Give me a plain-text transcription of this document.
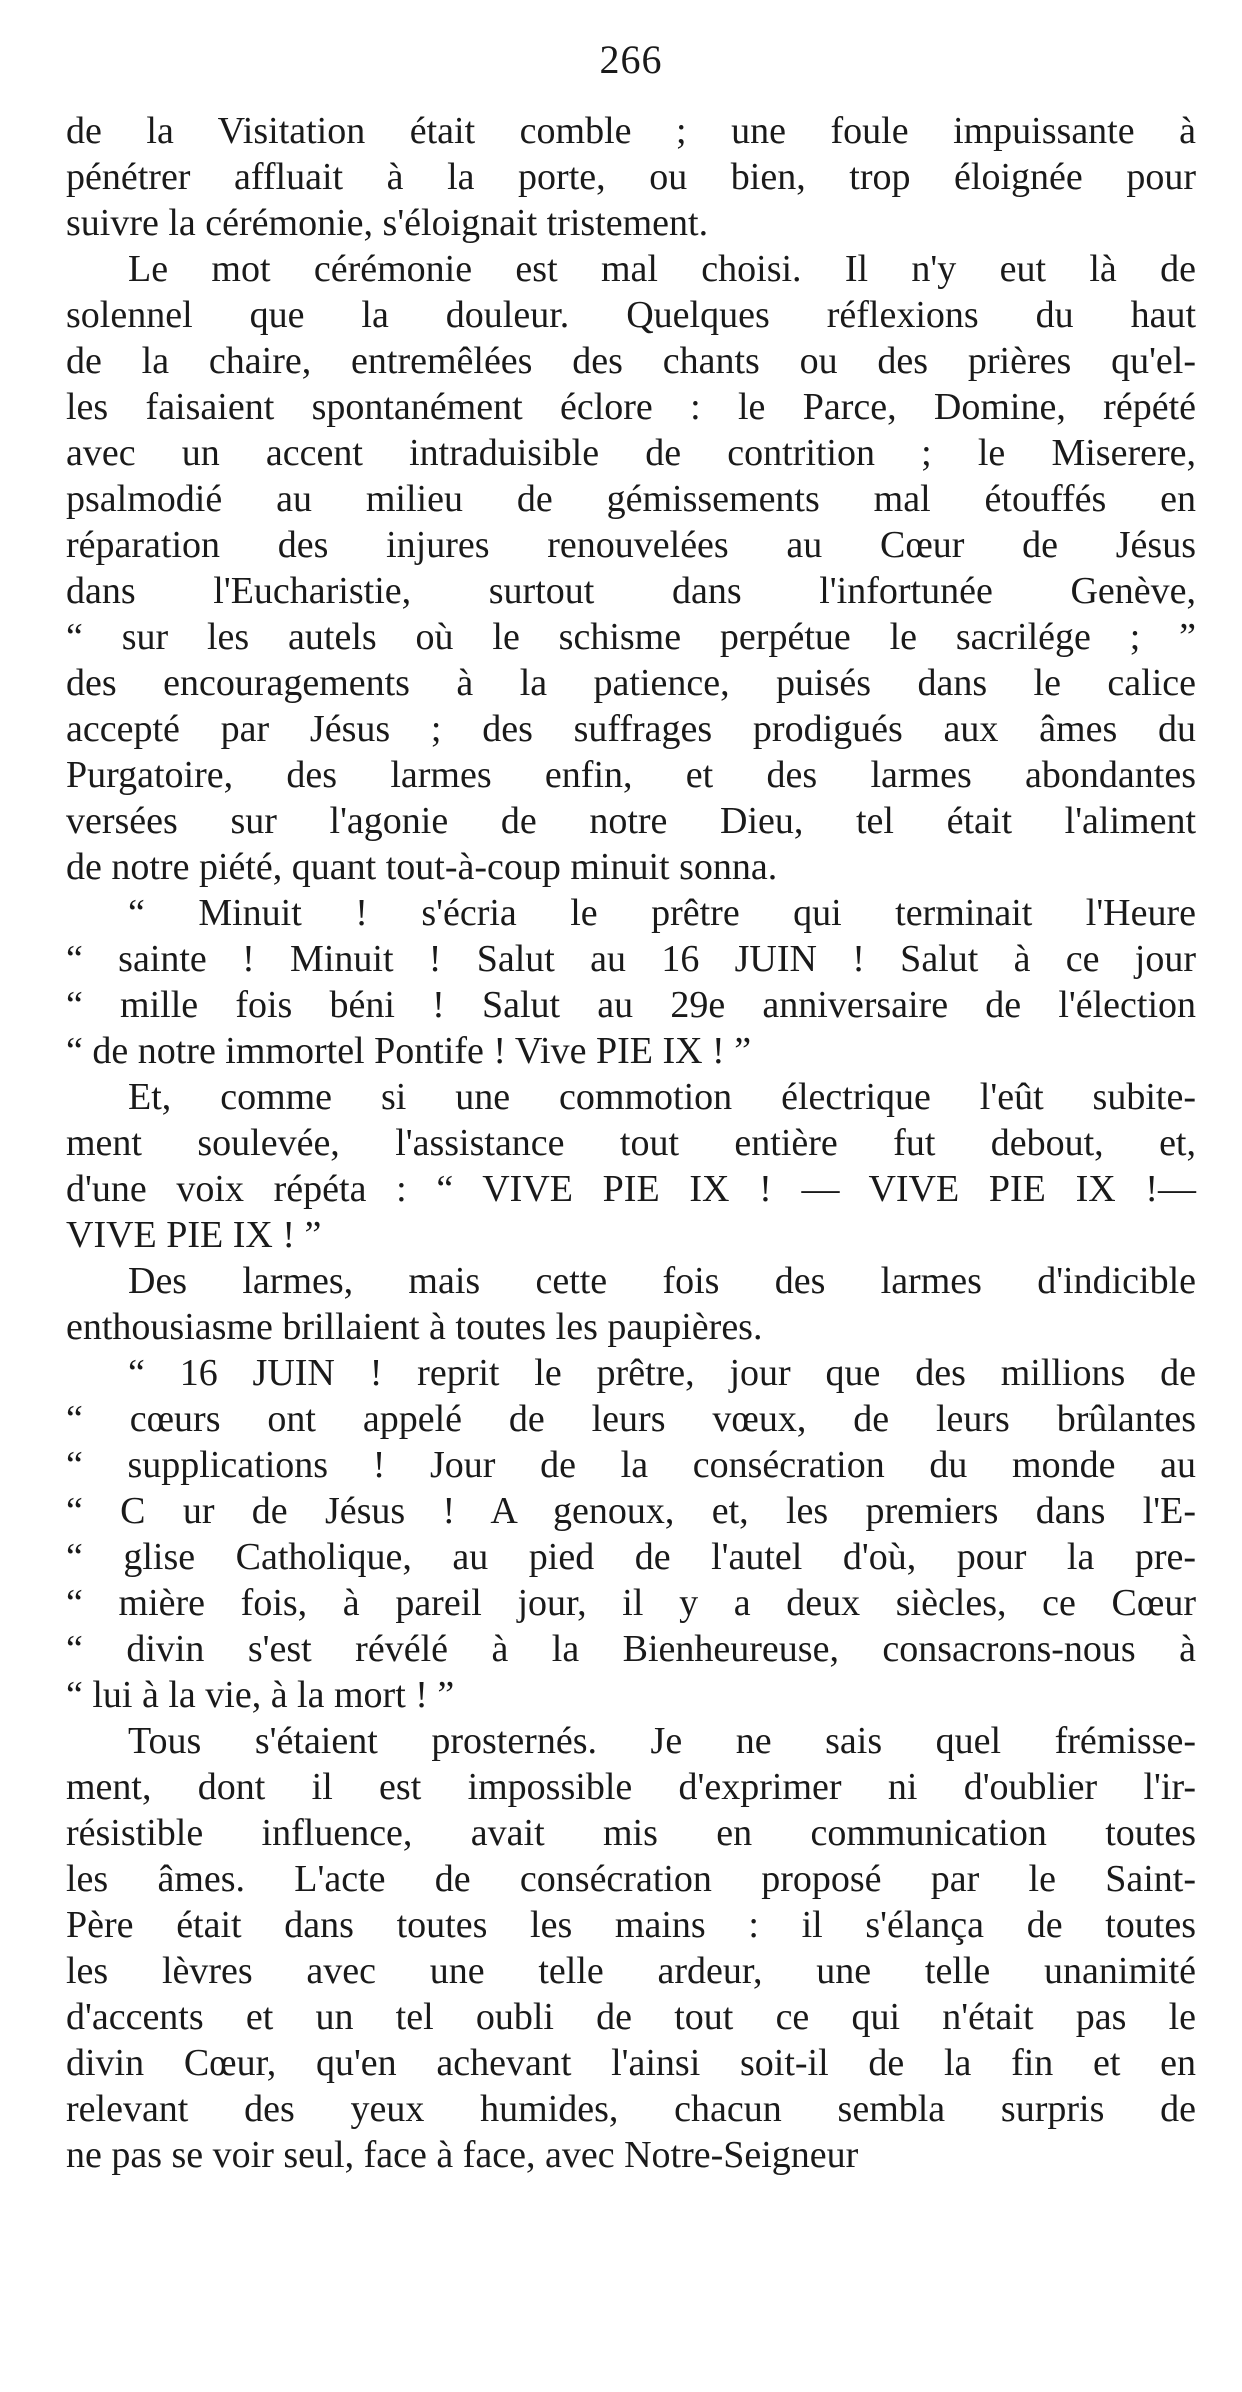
266
de la Visitation était comble ; une foule impuissante à
pénétrer affluait à la porte, ou bien, trop éloignée pour
suivre la cérémonie, s'éloignait tristement.
Le mot cérémonie est mal choisi. Il n'y eut là de
solennel que la douleur. Quelques réflexions du haut
de la chaire, entremêlées des chants ou des prières qu'el-
les faisaient spontanément éclore : le Parce, Domine, répété
avec un accent intraduisible de contrition ; le Miserere,
psalmodié au milieu de gémissements mal étouffés en
réparation des injures renouvelées au Cœur de Jésus
dans l'Eucharistie, surtout dans l'infortunée Genève,
“ sur les autels où le schisme perpétue le sacrilége ; ”
des encouragements à la patience, puisés dans le calice
accepté par Jésus ; des suffrages prodigués aux âmes du
Purgatoire, des larmes enfin, et des larmes abondantes
versées sur l'agonie de notre Dieu, tel était l'aliment
de notre piété, quant tout-à-coup minuit sonna.
“ Minuit ! s'écria le prêtre qui terminait l'Heure
“ sainte ! Minuit ! Salut au 16 JUIN ! Salut à ce jour
“ mille fois béni ! Salut au 29e anniversaire de l'élection
“ de notre immortel Pontife ! Vive PIE IX ! ”
Et, comme si une commotion électrique l'eût subite-
ment soulevée, l'assistance tout entière fut debout, et,
d'une voix répéta : “ VIVE PIE IX ! — VIVE PIE IX !—
VIVE PIE IX ! ”
Des larmes, mais cette fois des larmes d'indicible
enthousiasme brillaient à toutes les paupières.
“ 16 JUIN ! reprit le prêtre, jour que des millions de
“ cœurs ont appelé de leurs vœux, de leurs brûlantes
“ supplications ! Jour de la consécration du monde au
“ C ur de Jésus ! A genoux, et, les premiers dans l'E-
“ glise Catholique, au pied de l'autel d'où, pour la pre-
“ mière fois, à pareil jour, il y a deux siècles, ce Cœur
“ divin s'est révélé à la Bienheureuse, consacrons-nous à
“ lui à la vie, à la mort ! ”
Tous s'étaient prosternés. Je ne sais quel frémisse-
ment, dont il est impossible d'exprimer ni d'oublier l'ir-
résistible influence, avait mis en communication toutes
les âmes. L'acte de consécration proposé par le Saint-
Père était dans toutes les mains : il s'élança de toutes
les lèvres avec une telle ardeur, une telle unanimité
d'accents et un tel oubli de tout ce qui n'était pas le
divin Cœur, qu'en achevant l'ainsi soit-il de la fin et en
relevant des yeux humides, chacun sembla surpris de
ne pas se voir seul, face à face, avec Notre-Seigneur
